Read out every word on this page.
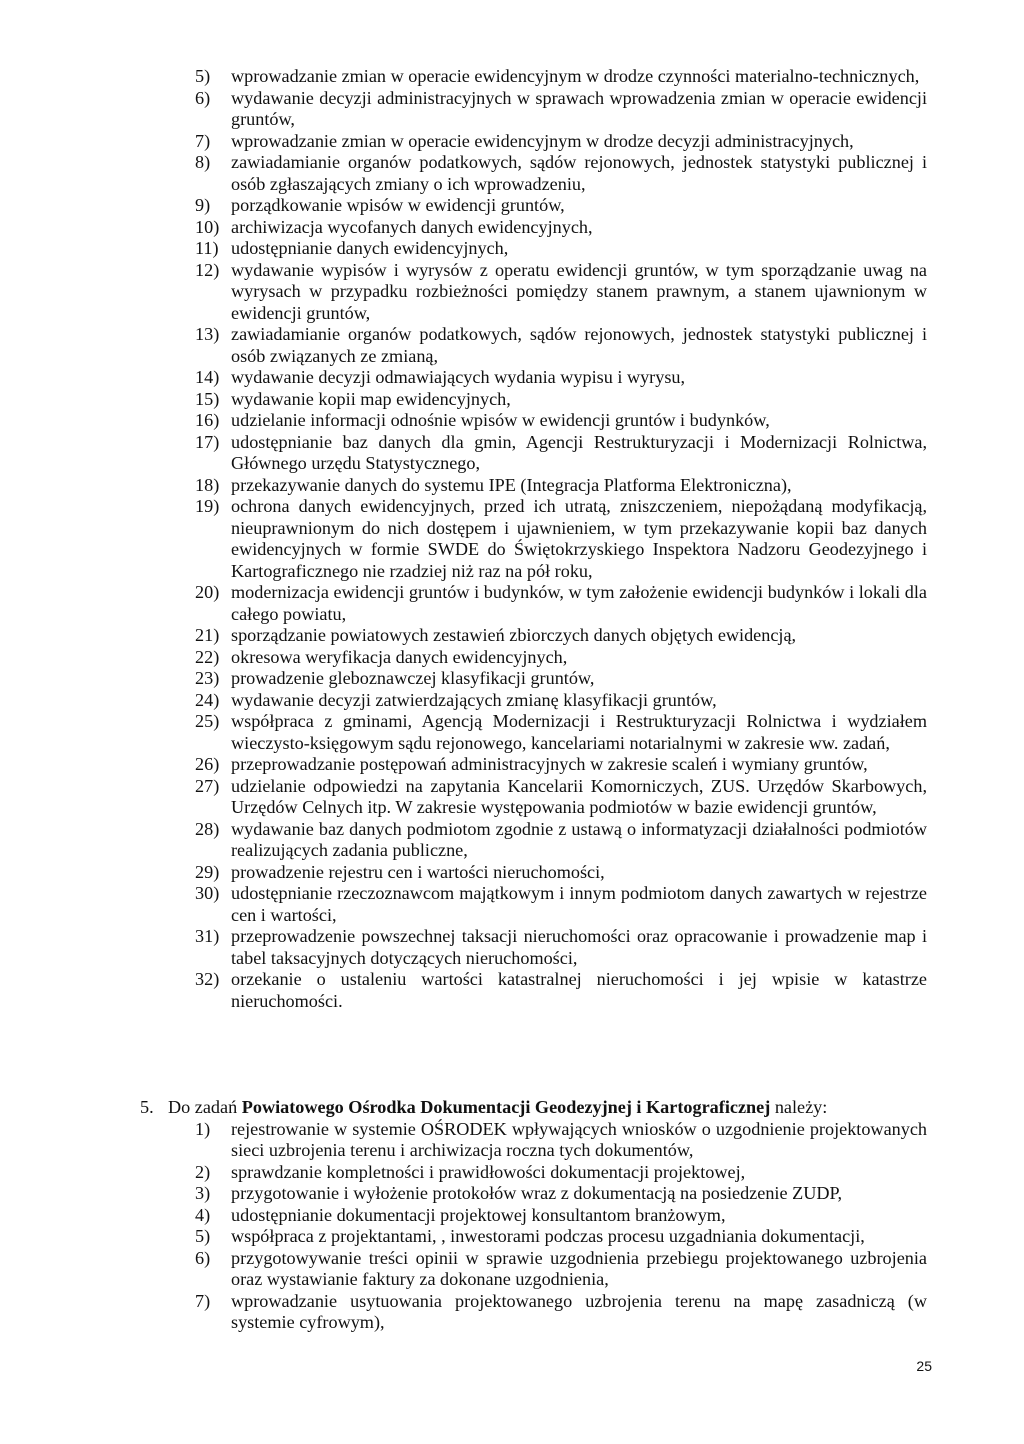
5)	wprowadzanie zmian w operacie ewidencyjnym w drodze czynności materialno-technicznych,
6)	wydawanie decyzji administracyjnych w sprawach wprowadzenia zmian w operacie ewidencji gruntów,
7)	wprowadzanie zmian w operacie ewidencyjnym w drodze decyzji administracyjnych,
8)	zawiadamianie organów podatkowych, sądów rejonowych, jednostek statystyki publicznej i osób zgłaszających zmiany o ich wprowadzeniu,
9)	porządkowanie wpisów w ewidencji gruntów,
10) archiwizacja wycofanych danych ewidencyjnych,
11) udostępnianie danych ewidencyjnych,
12) wydawanie wypisów i wyrysów z operatu ewidencji gruntów, w tym sporządzanie uwag na wyrysach w przypadku rozbieżności pomiędzy stanem prawnym, a stanem ujawnionym w ewidencji gruntów,
13) zawiadamianie organów podatkowych, sądów rejonowych, jednostek statystyki publicznej i osób związanych ze zmianą,
14) wydawanie decyzji odmawiających wydania wypisu i wyrysu,
15) wydawanie kopii map ewidencyjnych,
16) udzielanie informacji odnośnie wpisów w ewidencji gruntów i budynków,
17) udostępnianie baz danych dla gmin, Agencji Restrukturyzacji i Modernizacji Rolnictwa, Głównego urzędu Statystycznego,
18) przekazywanie danych do systemu IPE (Integracja Platforma Elektroniczna),
19) ochrona danych ewidencyjnych, przed ich utratą, zniszczeniem, niepożądaną modyfikacją, nieuprawnionym do nich dostępem i ujawnieniem, w tym przekazywanie kopii baz danych ewidencyjnych w formie SWDE do Świętokrzyskiego Inspektora Nadzoru Geodezyjnego i Kartograficznego nie rzadziej niż raz na pół roku,
20) modernizacja ewidencji gruntów i budynków, w tym założenie ewidencji budynków i lokali dla całego powiatu,
21) sporządzanie powiatowych zestawień zbiorczych danych objętych ewidencją,
22) okresowa weryfikacja danych ewidencyjnych,
23) prowadzenie gleboznawczej klasyfikacji gruntów,
24) wydawanie decyzji zatwierdzających zmianę klasyfikacji gruntów,
25) współpraca z gminami, Agencją Modernizacji i Restrukturyzacji Rolnictwa i wydziałem wieczysto-księgowym sądu rejonowego, kancelariami notarialnymi w zakresie ww. zadań,
26) przeprowadzanie postępowań administracyjnych w zakresie scaleń i wymiany gruntów,
27) udzielanie odpowiedzi na zapytania Kancelarii Komorniczych, ZUS. Urzędów Skarbowych, Urzędów Celnych itp. W zakresie występowania podmiotów w bazie ewidencji gruntów,
28) wydawanie baz danych podmiotom zgodnie z ustawą o informatyzacji działalności podmiotów realizujących zadania publiczne,
29) prowadzenie rejestru cen i wartości nieruchomości,
30) udostępnianie rzeczoznawcom majątkowym i innym podmiotom danych zawartych w rejestrze cen i wartości,
31) przeprowadzenie powszechnej taksacji nieruchomości oraz opracowanie i prowadzenie map i tabel taksacyjnych dotyczących nieruchomości,
32) orzekanie o ustaleniu wartości katastralnej nieruchomości i jej wpisie w katastrze nieruchomości.
5. Do zadań Powiatowego Ośrodka Dokumentacji Geodezyjnej i Kartograficznej należy:
1)	rejestrowanie w systemie OŚRODEK wpływających wniosków o uzgodnienie projektowanych sieci uzbrojenia terenu i archiwizacja roczna tych dokumentów,
2)	sprawdzanie kompletności i prawidłowości dokumentacji projektowej,
3)	przygotowanie i wyłożenie protokołów wraz z dokumentacją na posiedzenie ZUDP,
4)	udostępnianie dokumentacji projektowej konsultantom branżowym,
5)	współpraca z projektantami, , inwestorami podczas procesu uzgadniania dokumentacji,
6)	przygotowywanie treści opinii w sprawie uzgodnienia przebiegu projektowanego uzbrojenia oraz wystawianie faktury za dokonane uzgodnienia,
7)	wprowadzanie usytuowania projektowanego uzbrojenia terenu na mapę zasadniczą (w systemie cyfrowym),
25
